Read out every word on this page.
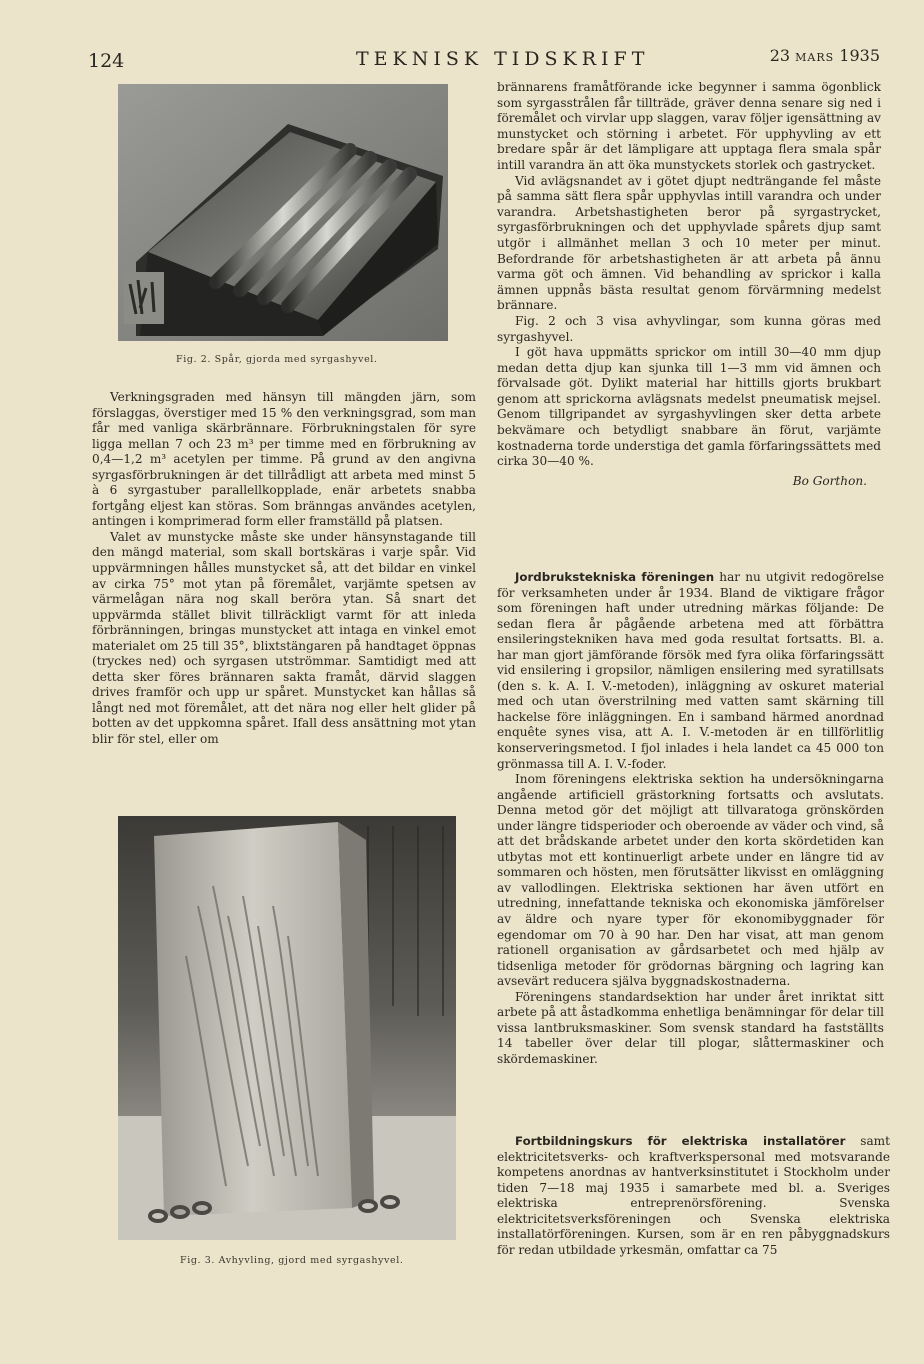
124	TEKNISK TIDSKRIFT	23 MARS 1935
Fig. 2. Spår, gjorda med syrgashyvel.

Verkningsgraden med hänsyn till mängden järn, som förslaggas, överstiger med 15 % den verkningsgrad, som man får med vanliga skärbrännare. Förbrukningstalen för syre ligga mellan 7 och 23 m³ per timme med en förbrukning av 0,4—1,2 m³ acetylen per timme. På grund av den angivna syrgasförbrukningen är det tillrådligt att arbeta med minst 5 à 6 syrgastuber parallellkopplade, enär arbetets snabba fortgång eljest kan störas. Som bränngas användes acetylen, antingen i komprimerad form eller framställd på platsen.

Valet av munstycke måste ske under hänsynstagande till den mängd material, som skall bortskäras i varje spår. Vid uppvärmningen hålles munstycket så, att det bildar en vinkel av cirka 75° mot ytan på föremålet, varjämte spetsen av värmelågan nära nog skall beröra ytan. Så snart det uppvärmda stället blivit tillräckligt varmt för att inleda förbränningen, bringas munstycket att intaga en vinkel emot materialet om 25 till 35°, blixtstängaren på handtaget öppnas (tryckes ned) och syrgasen utströmmar. Samtidigt med att detta sker föres brännaren sakta framåt, därvid slaggen drives framför och upp ur spåret. Munstycket kan hållas så långt ned mot föremålet, att det nära nog eller helt glider på botten av det uppkomna spåret. Ifall dess ansättning mot ytan blir för stel, eller om

Fig. 3. Avhyvling, gjord med syrgashyvel.

brännarens framåtförande icke begynner i samma ögonblick som syrgasstrålen får tillträde, gräver denna senare sig ned i föremålet och virvlar upp slaggen, varav följer igensättning av munstycket och störning i arbetet. För upphyvling av ett bredare spår är det lämpligare att upptaga flera smala spår intill varandra än att öka munstyckets storlek och gastrycket.

Vid avlägsnandet av i götet djupt nedträngande fel måste på samma sätt flera spår upphyvlas intill varandra och under varandra. Arbetshastigheten beror på syrgastrycket, syrgasförbrukningen och det upphyvlade spårets djup samt utgör i allmänhet mellan 3 och 10 meter per minut. Befordrande för arbetshastigheten är att arbeta på ännu varma göt och ämnen. Vid behandling av sprickor i kalla ämnen uppnås bästa resultat genom förvärmning medelst brännare.

Fig. 2 och 3 visa avhyvlingar, som kunna göras med syrgashyvel.

I göt hava uppmätts sprickor om intill 30—40 mm djup medan detta djup kan sjunka till 1—3 mm vid ämnen och förvalsade göt. Dylikt material har hittills gjorts brukbart genom att sprickorna avlägsnats medelst pneumatisk mejsel. Genom tillgripandet av syrgashyvlingen sker detta arbete bekvämare och betydligt snabbare än förut, varjämte kostnaderna torde understiga det gamla förfaringssättets med cirka 30—40 %.

Bo Gorthon.

Jordbrukstekniska föreningen har nu utgivit redogörelse för verksamheten under år 1934. Bland de viktigare frågor som föreningen haft under utredning märkas följande: De sedan flera år pågående arbetena med att förbättra ensileringstekniken hava med goda resultat fortsatts. Bl. a. har man gjort jämförande försök med fyra olika förfaringssätt vid ensilering i gropsilor, nämligen ensilering med syratillsats (den s. k. A. I. V.-metoden), inläggning av oskuret material med och utan överstrilning med vatten samt skärning till hackelse före inläggningen. En i samband härmed anordnad enquête synes visa, att A. I. V.-metoden är en tillförlitlig konserveringsmetod. I fjol inlades i hela landet ca 45 000 ton grönmassa till A. I. V.-foder.

Inom föreningens elektriska sektion ha undersökningarna angående artificiell grästorkning fortsatts och avslutats. Denna metod gör det möjligt att tillvaratoga grönskörden under längre tidsperioder och oberoende av väder och vind, så att det brådskande arbetet under den korta skördetiden kan utbytas mot ett kontinuerligt arbete under en längre tid av sommaren och hösten, men förutsätter likvisst en omläggning av vallodlingen. Elektriska sektionen har även utfört en utredning, innefattande tekniska och ekonomiska jämförelser av äldre och nyare typer för ekonomibyggnader för egendomar om 70 à 90 har. Den har visat, att man genom rationell organisation av gårdsarbetet och med hjälp av tidsenliga metoder för grödornas bärgning och lagring kan avsevärt reducera själva byggnadskostnaderna.

Föreningens standardsektion har under året inriktat sitt arbete på att åstadkomma enhetliga benämningar för delar till vissa lantbruksmaskiner. Som svensk standard ha fastställts 14 tabeller över delar till plogar, slåttermaskiner och skördemaskiner.

Fortbildningskurs för elektriska installatörer samt elektricitetsverks- och kraftverkspersonal med motsvarande kompetens anordnas av hantverksinstitutet i Stockholm under tiden 7—18 maj 1935 i samarbete med bl. a. Sveriges elektriska entreprenörsförening. Svenska elektricitetsverksföreningen och Svenska elektriska installatörföreningen. Kursen, som är en ren påbyggnadskurs för redan utbildade yrkesmän, omfattar ca 75
